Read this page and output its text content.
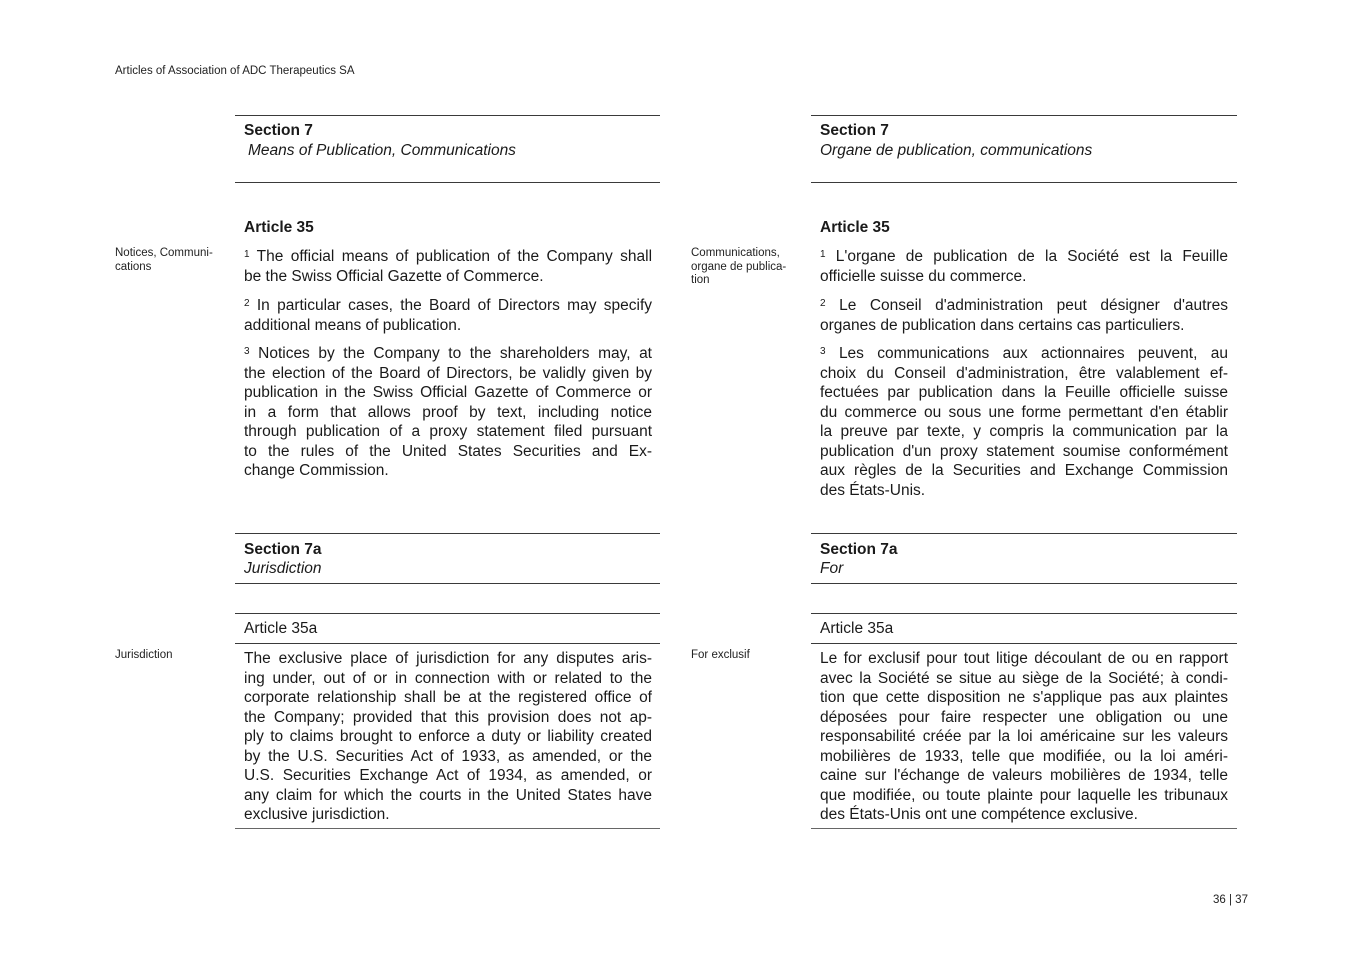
Articles of Association of ADC Therapeutics SA
Section 7
Means of Publication, Communications
Article 35
Notices, Communi-
cations
$^1$ The official means of publication of the Company shall
be the Swiss Official Gazette of Commerce.
$^2$ In particular cases, the Board of Directors may specify
additional means of publication.
$^3$ Notices by the Company to the shareholders may, at
the election of the Board of Directors, be validly given by
publication in the Swiss Official Gazette of Commerce or
in a form that allows proof by text, including notice
through publication of a proxy statement filed pursuant
to the rules of the United States Securities and Ex-
change Commission.
Section 7a
Jurisdiction
Article 35a
Jurisdiction	The exclusive place of jurisdiction for any disputes aris-
ing under, out of or in connection with or related to the
corporate relationship shall be at the registered office of
the Company; provided that this provision does not ap-
ply to claims brought to enforce a duty or liability created
by the U.S. Securities Act of 1933, as amended, or the
U.S. Securities Exchange Act of 1934, as amended, or
any claim for which the courts in the United States have
exclusive jurisdiction.
Section 7
Organe de publication, communications
Article 35
Communications,
organe de publica-
tion
$^1$ L'organe de publication de la Société est la Feuille
officielle suisse du commerce.
$^2$ Le Conseil d'administration peut désigner d'autres
organes de publication dans certains cas particuliers.
$^3$ Les communications aux actionnaires peuvent, au
choix du Conseil d'administration, être valablement ef-
fectuées par publication dans la Feuille officielle suisse
du commerce ou sous une forme permettant d'en établir
la preuve par texte, y compris la communication par la
publication d'un proxy statement soumise conformément
aux règles de la Securities and Exchange Commission
des États-Unis.
Section 7a
For
Article 35a
For exclusif	Le for exclusif pour tout litige découlant de ou en rapport
avec la Société se situe au siège de la Société; à condi-
tion que cette disposition ne s'applique pas aux plaintes
déposées pour faire respecter une obligation ou une
responsabilité créée par la loi américaine sur les valeurs
mobilières de 1933, telle que modifiée, ou la loi améri-
caine sur l'échange de valeurs mobilières de 1934, telle
que modifiée, ou toute plainte pour laquelle les tribunaux
des États-Unis ont une compétence exclusive.
36 | 37
